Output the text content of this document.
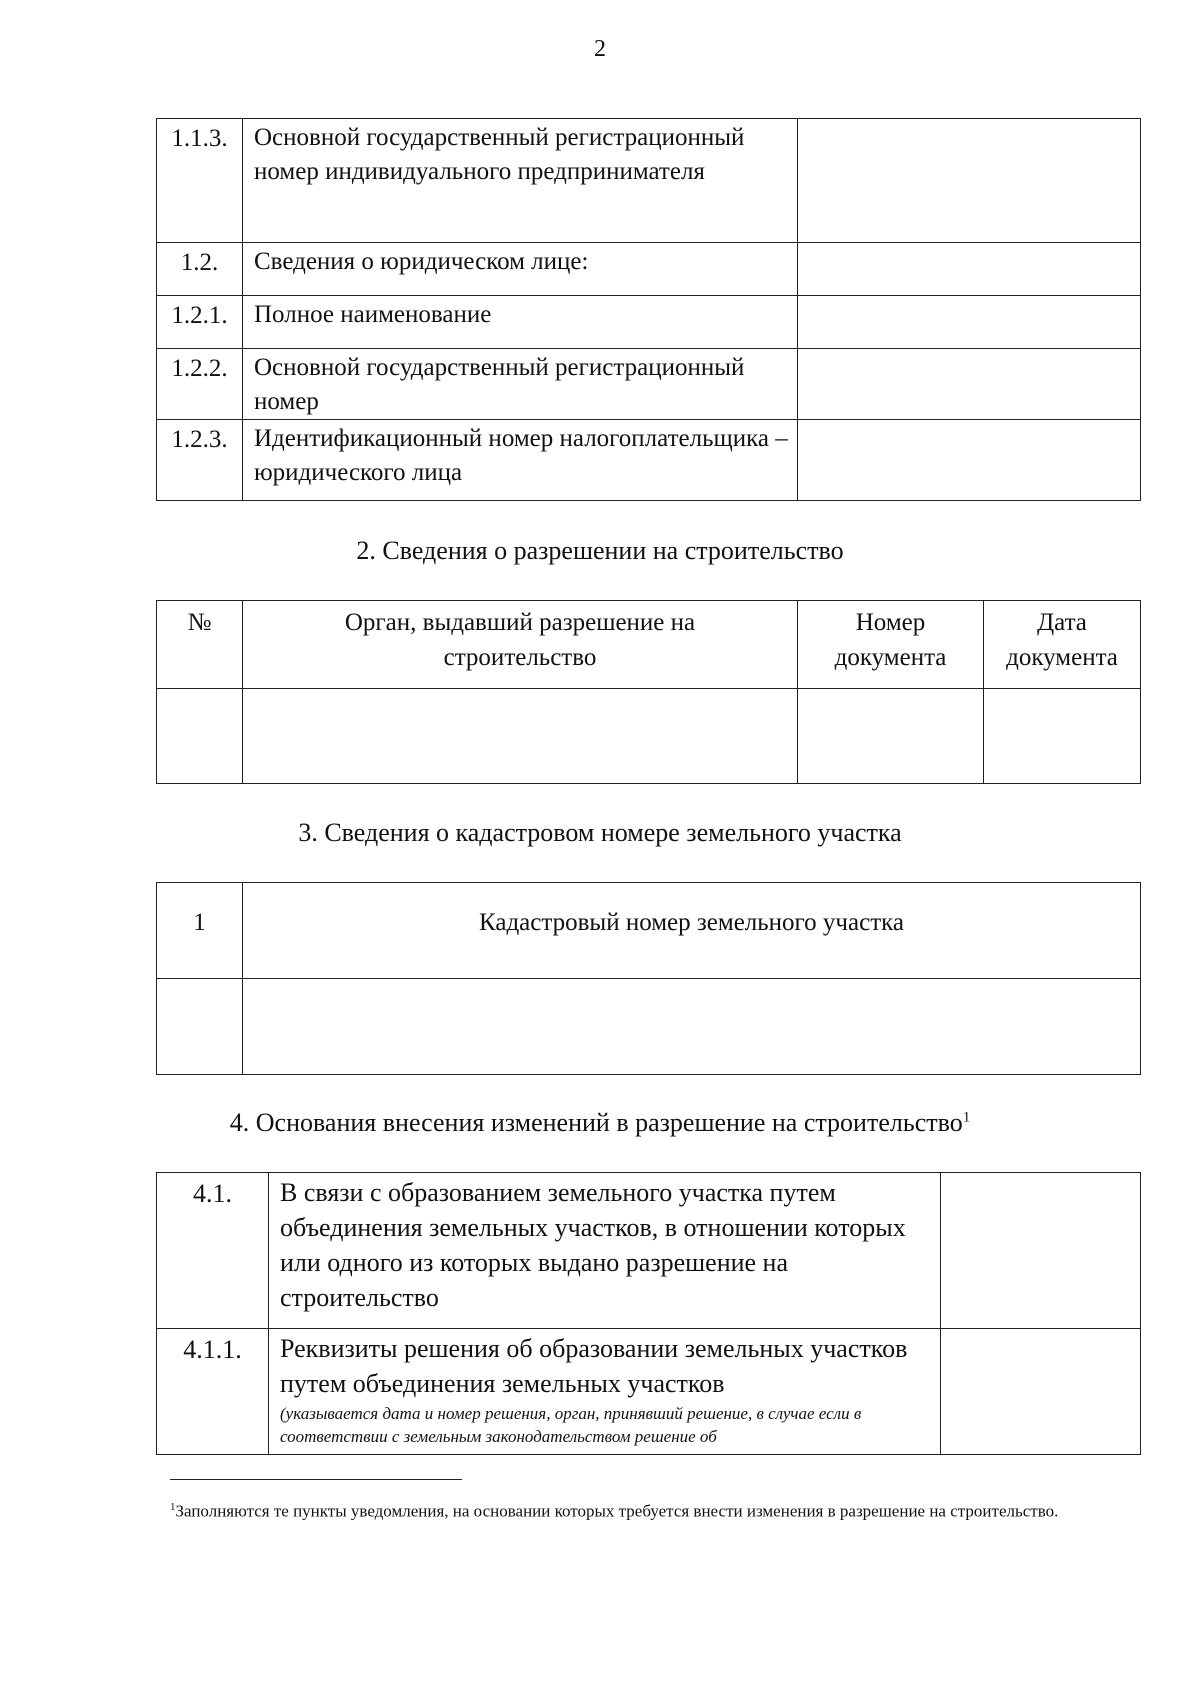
2
1.1.3.	Основной государственный регистрационный номер индивидуального предпринимателя	
1.2.	Сведения о юридическом лице:	
1.2.1.	Полное наименование	
1.2.2.	Основной государственный регистрационный номер	
1.2.3.	Идентификационный номер налогоплательщика – юридического лица	
2. Сведения о разрешении на строительство
№	Орган, выдавший разрешение на строительство	Номер документа	Дата документа

3. Сведения о кадастровом номере земельного участка
1	Кадастровый номер земельного участка

4. Основания внесения изменений в разрешение на строительство$^1$
4.1.	В связи с образованием земельного участка путем объединения земельных участков, в отношении которых или одного из которых выдано разрешение на строительство	
4.1.1.	Реквизиты решения об образовании земельных участков путем объединения земельных участков
(указывается дата и номер решения, орган, принявший решение, в случае если в соответствии с земельным законодательством решение об	

$^1$Заполняются те пункты уведомления, на основании которых требуется внести изменения в разрешение на строительство.
